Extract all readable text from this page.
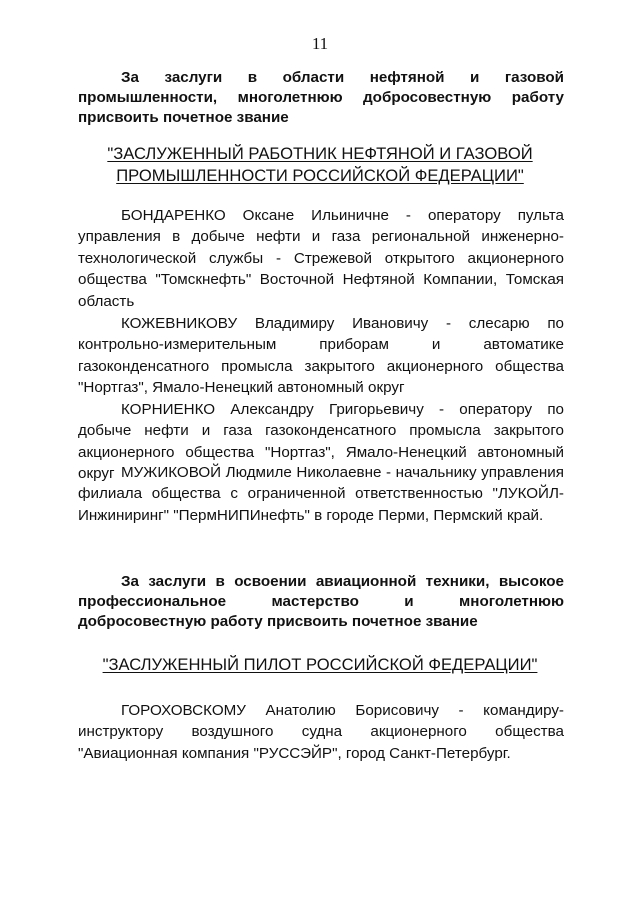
11
За заслуги в области нефтяной и газовой промышленности, многолетнюю добросовестную работу присвоить почетное звание
"ЗАСЛУЖЕННЫЙ РАБОТНИК НЕФТЯНОЙ И ГАЗОВОЙ
ПРОМЫШЛЕННОСТИ РОССИЙСКОЙ ФЕДЕРАЦИИ"

БОНДАРЕНКО Оксане Ильиничне - оператору пульта управления в добыче нефти и газа региональной инженерно-технологической службы - Стрежевой открытого акционерного общества "Томскнефть" Восточной Нефтяной Компании, Томская область

КОЖЕВНИКОВУ Владимиру Ивановичу - слесарю по контрольно-измерительным приборам и автоматике газоконденсатного промысла закрытого акционерного общества "Нортгаз", Ямало-Ненецкий автономный округ

КОРНИЕНКО Александру Григорьевичу - оператору по добыче нефти и газа газоконденсатного промысла закрытого акционерного общества "Нортгаз", Ямало-Ненецкий автономный округ МУЖИКОВОЙ Людмиле Николаевне - начальнику управления филиала общества с ограниченной ответственностью "ЛУКОЙЛ-Инжиниринг" "ПермНИПИнефть" в городе Перми, Пермский край.

За заслуги в освоении авиационной техники, высокое профессиональное мастерство и многолетнюю добросовестную работу присвоить почетное звание
"ЗАСЛУЖЕННЫЙ ПИЛОТ РОССИЙСКОЙ ФЕДЕРАЦИИ"

ГОРОХОВСКОМУ Анатолию Борисовичу - командиру-инструктору воздушного судна акционерного общества "Авиационная компания "РУССЭЙР", город Санкт-Петербург.
